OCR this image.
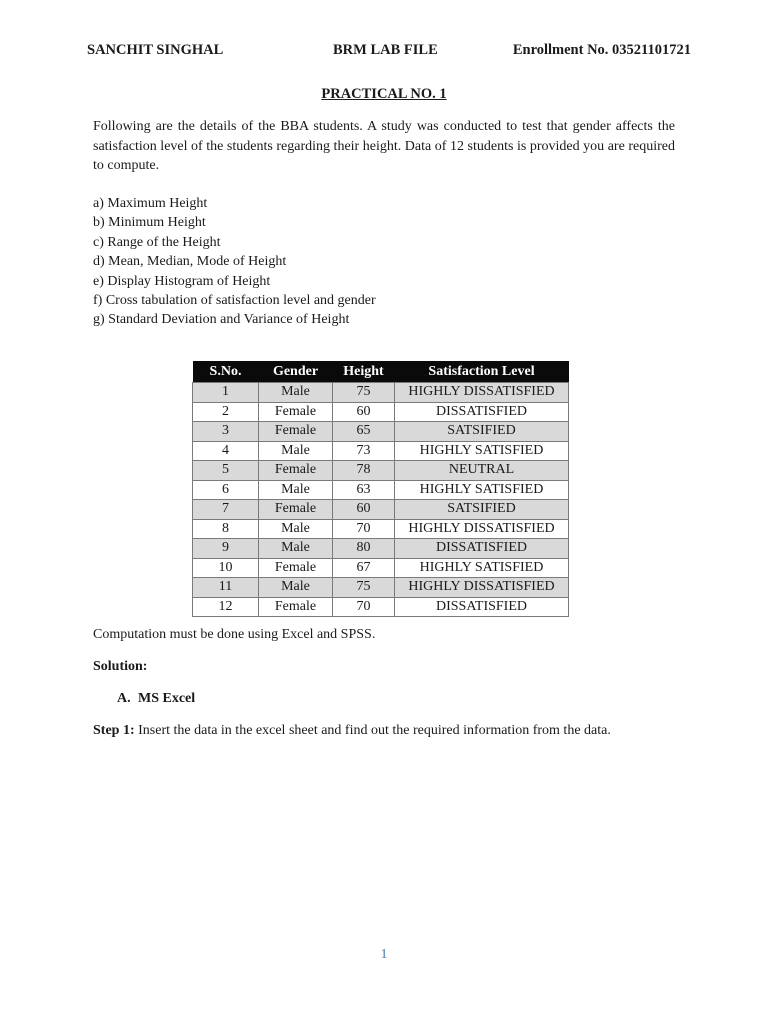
SANCHIT SINGHAL	BRM LAB FILE	Enrollment No. 03521101721
PRACTICAL NO. 1
Following are the details of the BBA students. A study was conducted to test that gender affects the satisfaction level of the students regarding their height. Data of 12 students is provided you are required to compute.
a) Maximum Height
b) Minimum Height
c) Range of the Height
d) Mean, Median, Mode of Height
e) Display Histogram of Height
f) Cross tabulation of satisfaction level and gender
g) Standard Deviation and Variance of Height
S.No.	Gender	Height	Satisfaction Level
1	Male	75	HIGHLY DISSATISFIED
2	Female	60	DISSATISFIED
3	Female	65	SATSIFIED
4	Male	73	HIGHLY SATISFIED
5	Female	78	NEUTRAL
6	Male	63	HIGHLY SATISFIED
7	Female	60	SATSIFIED
8	Male	70	HIGHLY DISSATISFIED
9	Male	80	DISSATISFIED
10	Female	67	HIGHLY SATISFIED
11	Male	75	HIGHLY DISSATISFIED
12	Female	70	DISSATISFIED
Computation must be done using Excel and SPSS.
Solution:
A. MS Excel
Step 1: Insert the data in the excel sheet and find out the required information from the data.
1
